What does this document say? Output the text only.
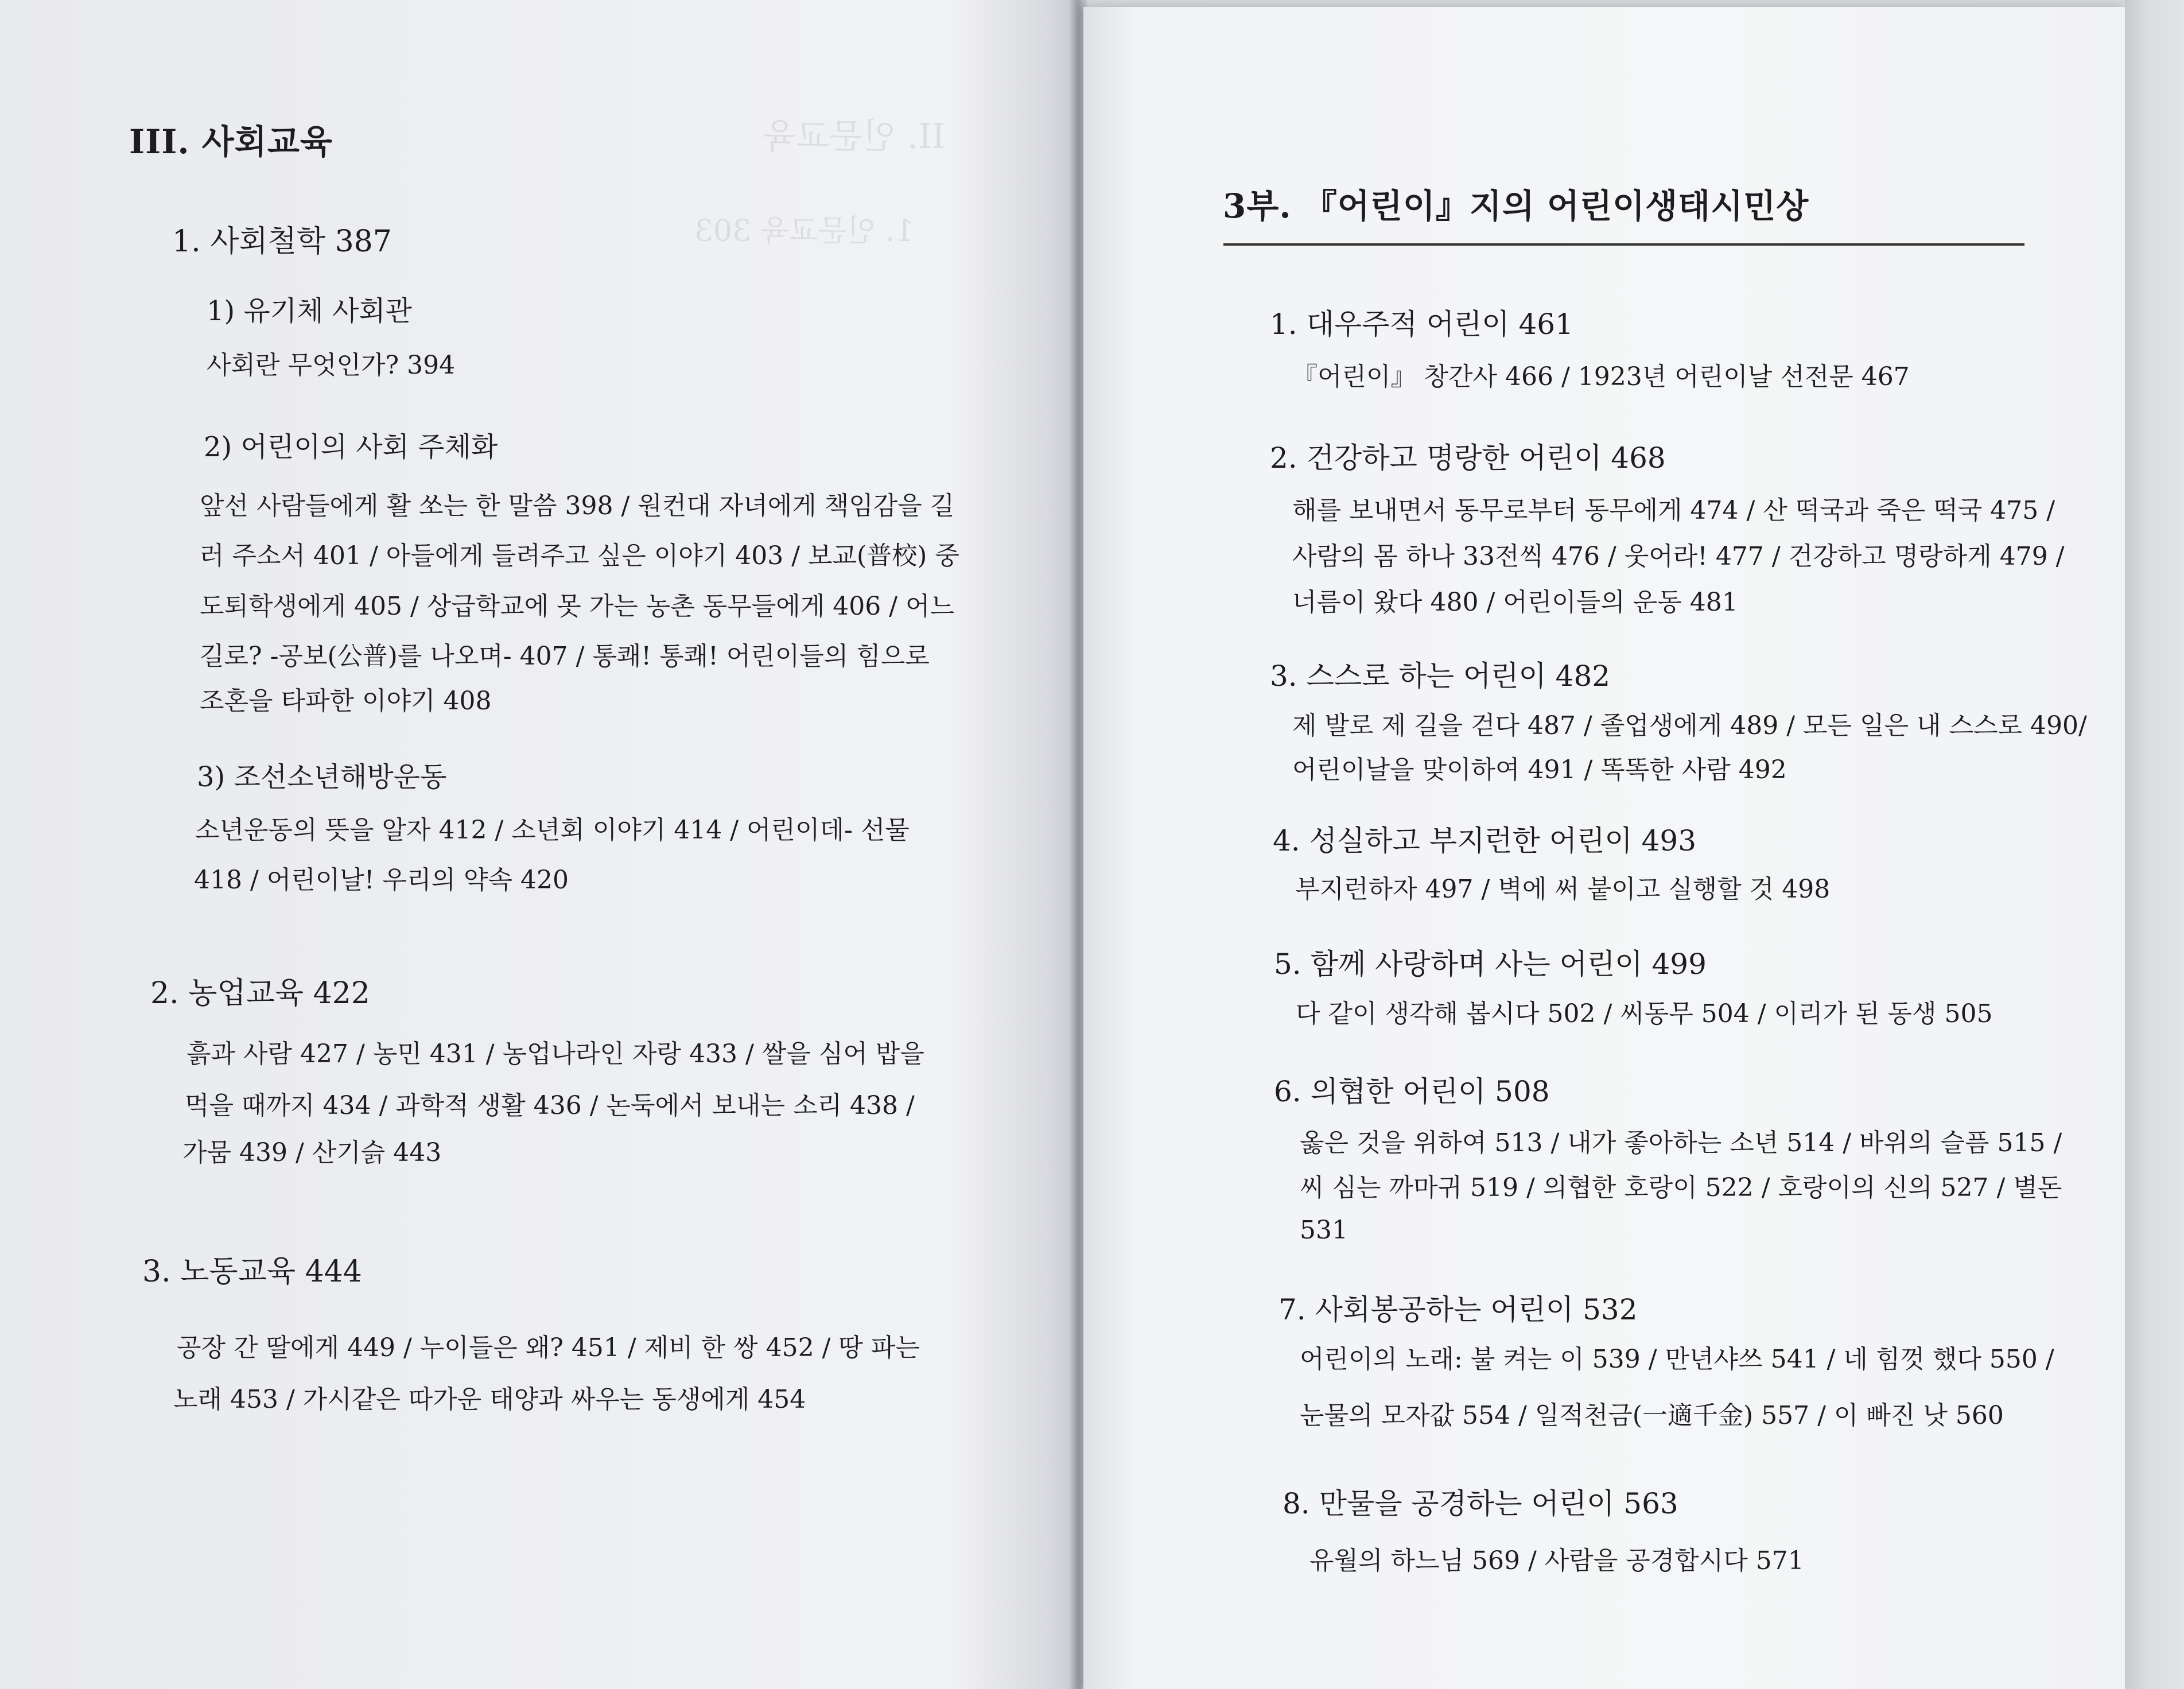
II. 인문교육
1. 인문교육 303
III. 사회교육
1. 사회철학 387
1) 유기체 사회관
사회란 무엇인가? 394
2) 어린이의 사회 주체화
앞선 사람들에게 활 쏘는 한 말씀 398 / 원컨대 자녀에게 책임감을 길
러 주소서 401 / 아들에게 들려주고 싶은 이야기 403 / 보교(普校) 중
도퇴학생에게 405 / 상급학교에 못 가는 농촌 동무들에게 406 / 어느
길로? -공보(公普)를 나오며- 407 / 통쾌! 통쾌! 어린이들의 힘으로
조혼을 타파한 이야기 408
3) 조선소년해방운동
소년운동의 뜻을 알자 412 / 소년회 이야기 414 / 어린이데- 선물
418 / 어린이날! 우리의 약속 420
2. 농업교육 422
흙과 사람 427 / 농민 431 / 농업나라인 자랑 433 / 쌀을 심어 밥을
먹을 때까지 434 / 과학적 생활 436 / 논둑에서 보내는 소리 438 /
가뭄 439 / 산기슭 443
3. 노동교육 444
공장 간 딸에게 449 / 누이들은 왜? 451 / 제비 한 쌍 452 / 땅 파는
노래 453 / 가시같은 따가운 태양과 싸우는 동생에게 454
3부. 『어린이』지의 어린이생태시민상
1. 대우주적 어린이 461
『어린이』 창간사 466 / 1923년 어린이날 선전문 467
2. 건강하고 명랑한 어린이 468
해를 보내면서 동무로부터 동무에게 474 / 산 떡국과 죽은 떡국 475 /
사람의 몸 하나 33전씩 476 / 웃어라! 477 / 건강하고 명랑하게 479 /
너름이 왔다 480 / 어린이들의 운동 481
3. 스스로 하는 어린이 482
제 발로 제 길을 걷다 487 / 졸업생에게 489 / 모든 일은 내 스스로 490/
어린이날을 맞이하여 491 / 똑똑한 사람 492
4. 성실하고 부지런한 어린이 493
부지런하자 497 / 벽에 써 붙이고 실행할 것 498
5. 함께 사랑하며 사는 어린이 499
다 같이 생각해 봅시다 502 / 씨동무 504 / 이리가 된 동생 505
6. 의협한 어린이 508
옳은 것을 위하여 513 / 내가 좋아하는 소년 514 / 바위의 슬픔 515 /
씨 심는 까마귀 519 / 의협한 호랑이 522 / 호랑이의 신의 527 / 별돈
531
7. 사회봉공하는 어린이 532
어린이의 노래: 불 켜는 이 539 / 만년샤쓰 541 / 네 힘껏 했다 550 /
눈물의 모자값 554 / 일적천금(一適千金) 557 / 이 빠진 낫 560
8. 만물을 공경하는 어린이 563
유월의 하느님 569 / 사람을 공경합시다 571
